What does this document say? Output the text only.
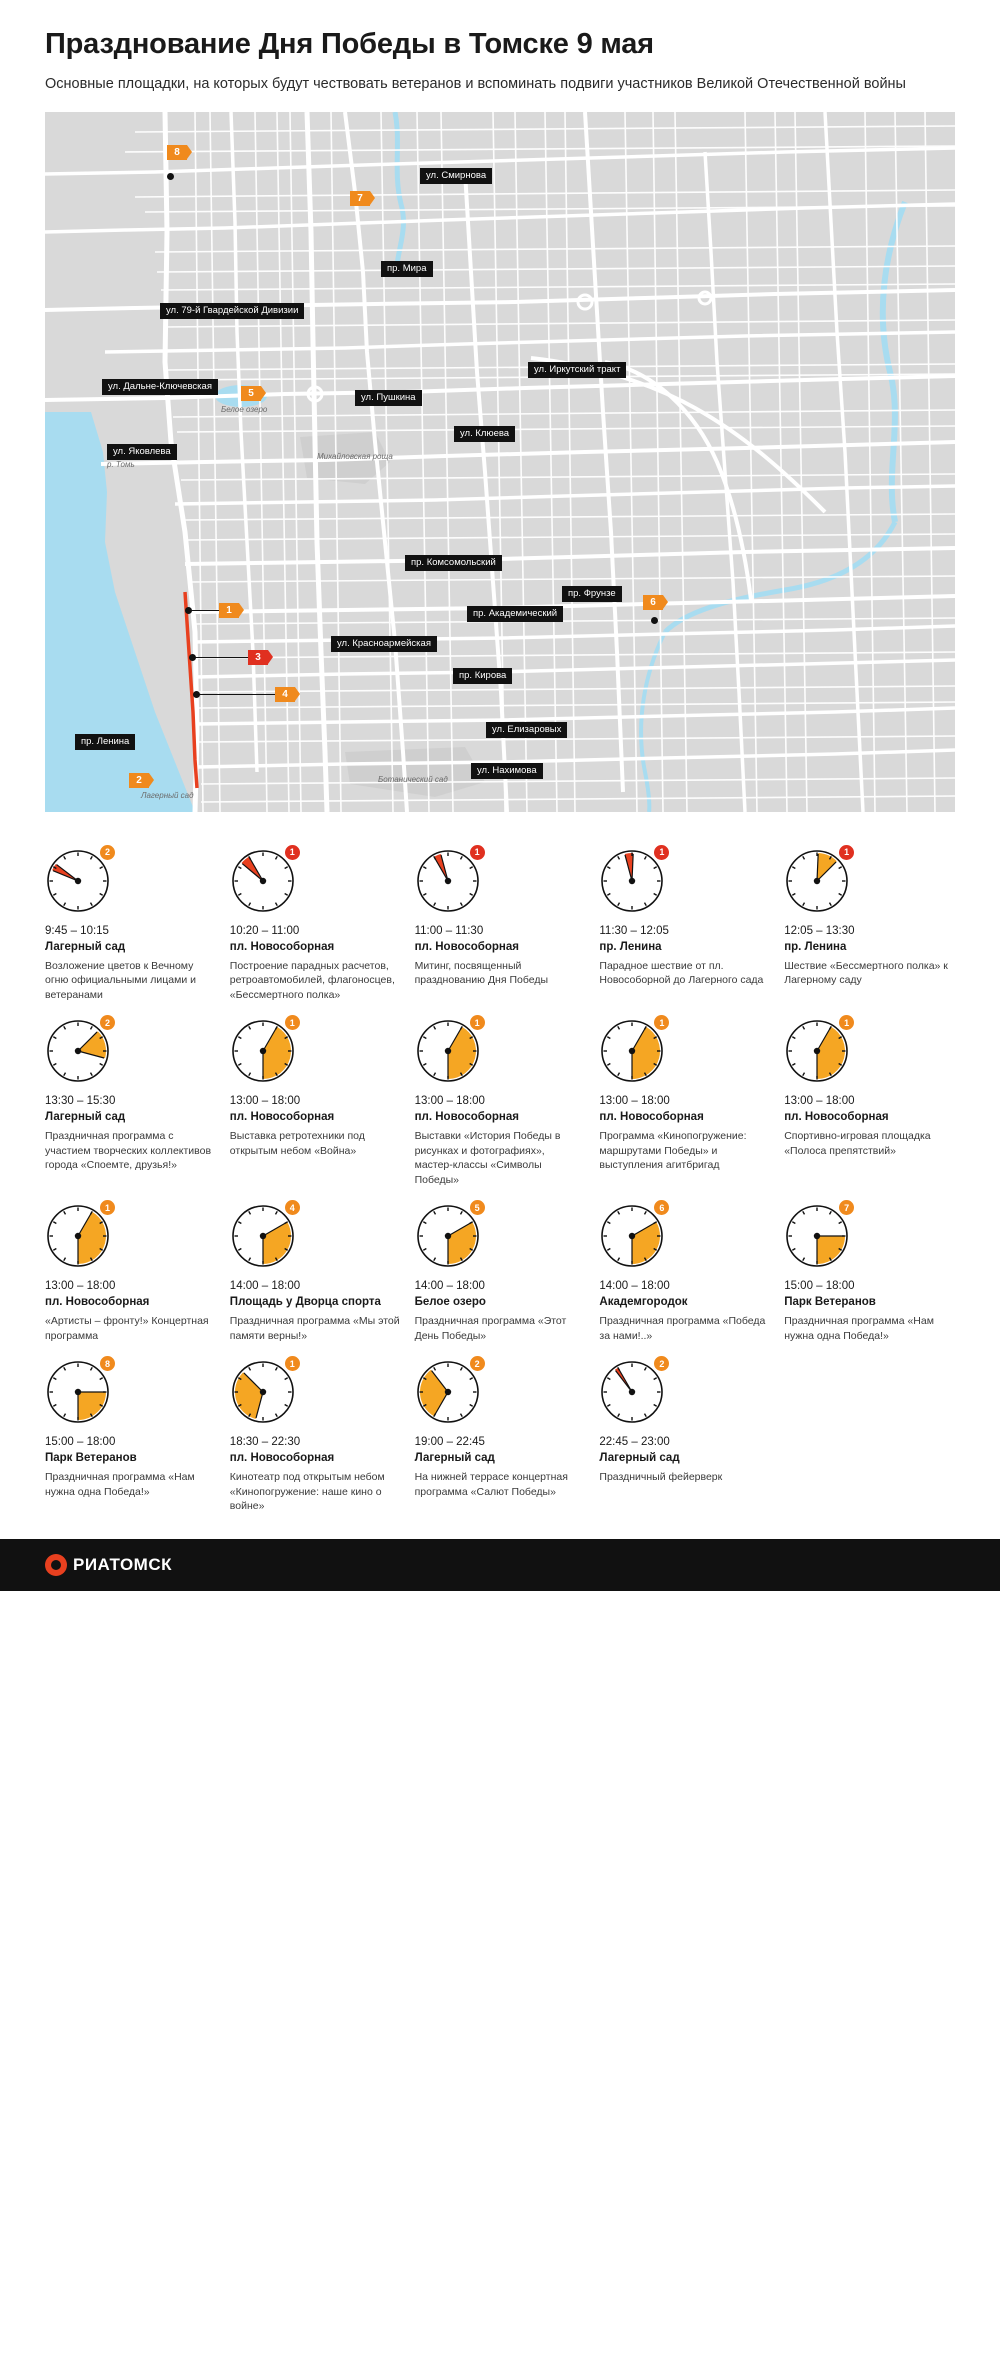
Празднование Дня Победы в Томске 9 мая
Основные площадки, на которых будут чествовать ветеранов и вспоминать подвиги участников Великой Отечественной войны
ул. Смирнова
пр. Мира
ул. 79-й Гвардейской Дивизии
ул. Иркутский тракт
ул. Дальне-Ключевская
ул. Пушкина
ул. Клюева
ул. Яковлева
пр. Комсомольский
пр. Фрунзе
пр. Академический
ул. Красноармейская
пр. Кирова
пр. Ленина
ул. Елизаровых
ул. Нахимова
Белое озеро
Михайловская роща
р. Томь
Ботанический сад
Лагерный сад
8
7
5
6
1
3
4
2
2
9:45 – 10:15
Лагерный сад
Возложение цветов к Вечному огню официальными лицами и ветеранами
1
10:20 – 11:00
пл. Новособорная
Построение парадных расчетов, ретроавтомобилей, флагоносцев, «Бессмертного полка»
1
11:00 – 11:30
пл. Новособорная
Митинг, посвященный празднованию Дня Победы
1
11:30 – 12:05
пр. Ленина
Парадное шествие от пл. Новособорной до Лагерного сада
1
12:05 – 13:30
пр. Ленина
Шествие «Бессмертного полка» к Лагерному саду
2
13:30 – 15:30
Лагерный сад
Праздничная программа с участием творческих коллективов города «Споемте, друзья!»
1
13:00 – 18:00
пл. Новособорная
Выставка ретротехники под открытым небом «Война»
1
13:00 – 18:00
пл. Новособорная
Выставки «История Победы в рисунках и фотографиях», мастер-классы «Символы Победы»
1
13:00 – 18:00
пл. Новособорная
Программа «Кинопогружение: маршрутами Победы» и выступления агитбригад
1
13:00 – 18:00
пл. Новособорная
Спортивно-игровая площадка «Полоса препятствий»
1
13:00 – 18:00
пл. Новособорная
«Артисты – фронту!» Концертная программа
4
14:00 – 18:00
Площадь у Дворца спорта
Праздничная программа «Мы этой памяти верны!»
5
14:00 – 18:00
Белое озеро
Праздничная программа «Этот День Победы»
6
14:00 – 18:00
Академгородок
Праздничная программа «Победа за нами!..»
7
15:00 – 18:00
Парк Ветеранов
Праздничная программа «Нам нужна одна Победа!»
8
15:00 – 18:00
Парк Ветеранов
Праздничная программа «Нам нужна одна Победа!»
1
18:30 – 22:30
пл. Новособорная
Кинотеатр под открытым небом «Кинопогружение: наше кино о войне»
2
19:00 – 22:45
Лагерный сад
На нижней террасе концертная программа «Салют Победы»
2
22:45 – 23:00
Лагерный сад
Праздничный фейерверк
РИАТОМСК
